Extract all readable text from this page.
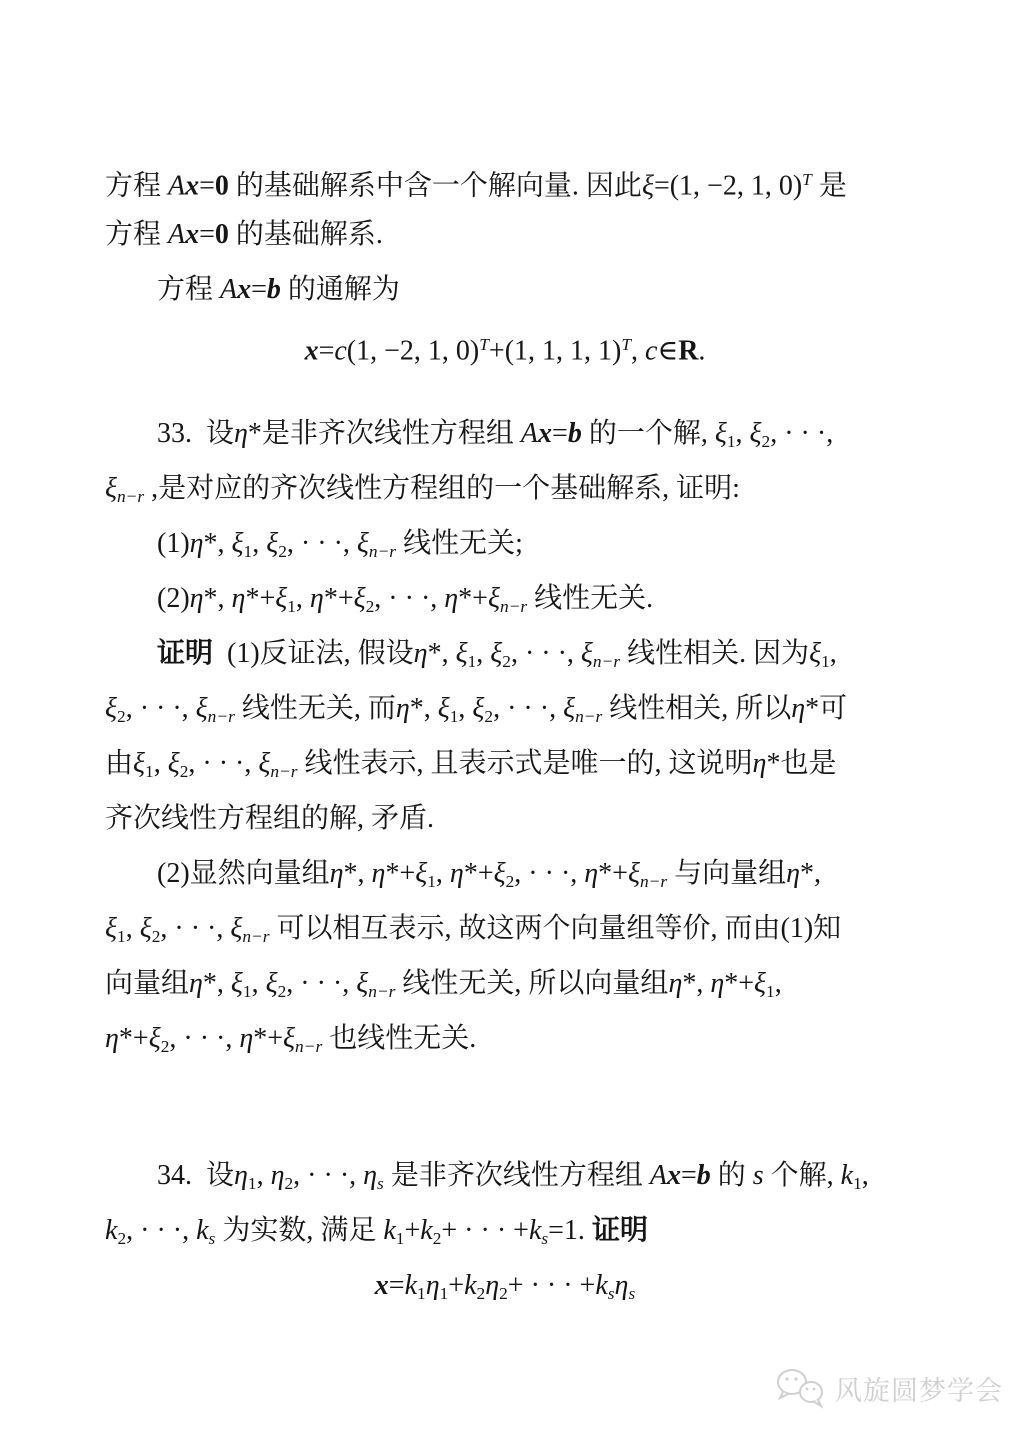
方程 Ax=0 的基础解系中含一个解向量. 因此ξ=(1, −2, 1, 0)$^T$ 是
方程 Ax=0 的基础解系.
方程 Ax=b 的通解为
x=c(1, −2, 1, 0)$^T$+(1, 1, 1, 1)$^T$, c∈R.
33.  设η*是非齐次线性方程组 Ax=b 的一个解, ξ1, ξ2, · · ·,
ξn−r ,是对应的齐次线性方程组的一个基础解系, 证明:
(1)η*, ξ1, ξ2, · · ·, ξn−r 线性无关;
(2)η*, η*+ξ1, η*+ξ2, · · ·, η*+ξn−r 线性无关.
证明  (1)反证法, 假设η*, ξ1, ξ2, · · ·, ξn−r 线性相关. 因为ξ1,
ξ2, · · ·, ξn−r 线性无关, 而η*, ξ1, ξ2, · · ·, ξn−r 线性相关, 所以η*可
由ξ1, ξ2, · · ·, ξn−r 线性表示, 且表示式是唯一的, 这说明η*也是
齐次线性方程组的解, 矛盾.
(2)显然向量组η*, η*+ξ1, η*+ξ2, · · ·, η*+ξn−r 与向量组η*,
ξ1, ξ2, · · ·, ξn−r 可以相互表示, 故这两个向量组等价, 而由(1)知
向量组η*, ξ1, ξ2, · · ·, ξn−r 线性无关, 所以向量组η*, η*+ξ1,
η*+ξ2, · · ·, η*+ξn−r 也线性无关.
34.  设η1, η2, · · ·, ηs 是非齐次线性方程组 Ax=b 的 s 个解, k1,
k2, · · ·, ks 为实数, 满足 k1+k2+ · · · +ks=1. 证明
x=k1η1+k2η2+ · · · +ksηs
风旋圆梦学会
